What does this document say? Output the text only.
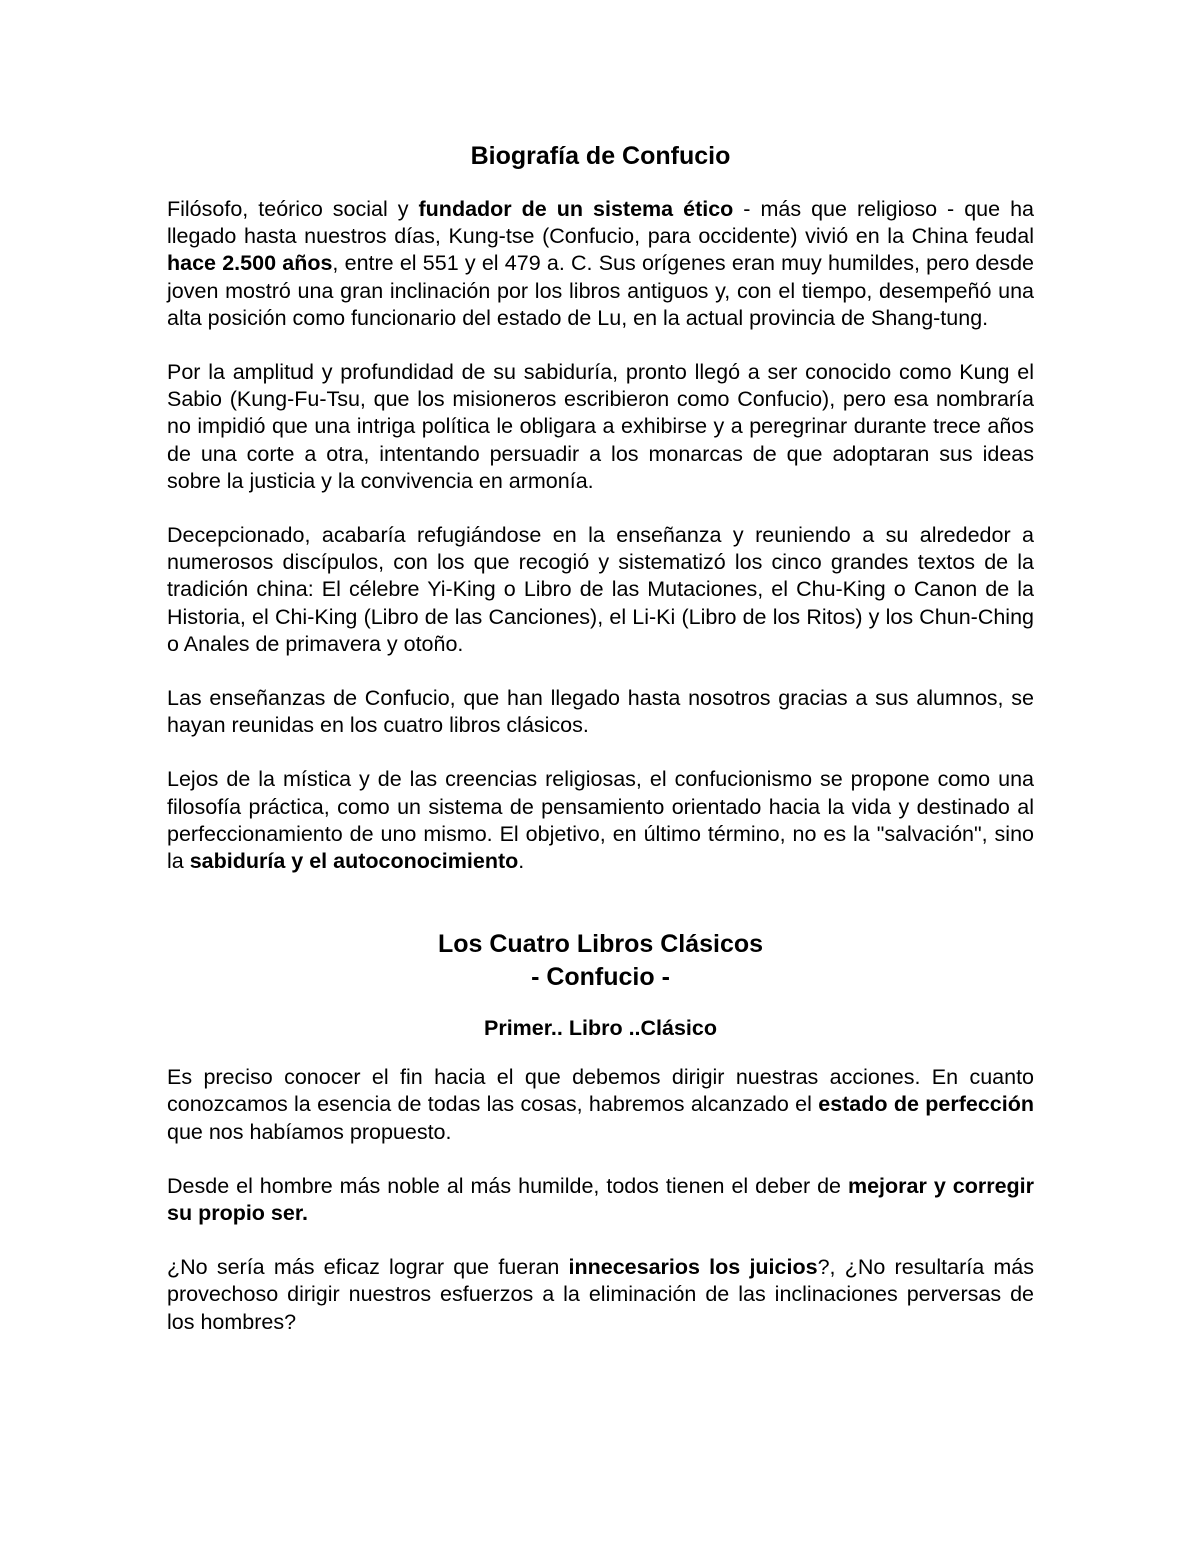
Biografía de Confucio

Filósofo, teórico social y fundador de un sistema ético - más que religioso - que ha llegado hasta nuestros días, Kung-tse (Confucio, para occidente) vivió en la China feudal hace 2.500 años, entre el 551 y el 479 a. C. Sus orígenes eran muy humildes, pero desde joven mostró una gran inclinación por los libros antiguos y, con el tiempo, desempeñó una alta posición como funcionario del estado de Lu, en la actual provincia de Shang-tung.

Por la amplitud y profundidad de su sabiduría, pronto llegó a ser conocido como Kung el Sabio (Kung-Fu-Tsu, que los misioneros escribieron como Confucio), pero esa nombraría no impidió que una intriga política le obligara a exhibirse y a peregrinar durante trece años de una corte a otra, intentando persuadir a los monarcas de que adoptaran sus ideas sobre la justicia y la convivencia en armonía.

Decepcionado, acabaría refugiándose en la enseñanza y reuniendo a su alrededor a numerosos discípulos, con los que recogió y sistematizó los cinco grandes textos de la tradición china: El célebre Yi-King o Libro de las Mutaciones, el Chu-King o Canon de la Historia, el Chi-King (Libro de las Canciones), el Li-Ki (Libro de los Ritos) y los Chun-Ching o Anales de primavera y otoño.

Las enseñanzas de Confucio, que han llegado hasta nosotros gracias a sus alumnos, se hayan reunidas en los cuatro libros clásicos.

Lejos de la mística y de las creencias religiosas, el confucionismo se propone como una filosofía práctica, como un sistema de pensamiento orientado hacia la vida y destinado al perfeccionamiento de uno mismo. El objetivo, en último término, no es la "salvación", sino la sabiduría y el autoconocimiento.

Los Cuatro Libros Clásicos
- Confucio -
Primer.. Libro ..Clásico

Es preciso conocer el fin hacia el que debemos dirigir nuestras acciones. En cuanto conozcamos la esencia de todas las cosas, habremos alcanzado el estado de perfección que nos habíamos propuesto.

Desde el hombre más noble al más humilde, todos tienen el deber de mejorar y corregir su propio ser.

¿No sería más eficaz lograr que fueran innecesarios los juicios?, ¿No resultaría más provechoso dirigir nuestros esfuerzos a la eliminación de las inclinaciones perversas de los hombres?
